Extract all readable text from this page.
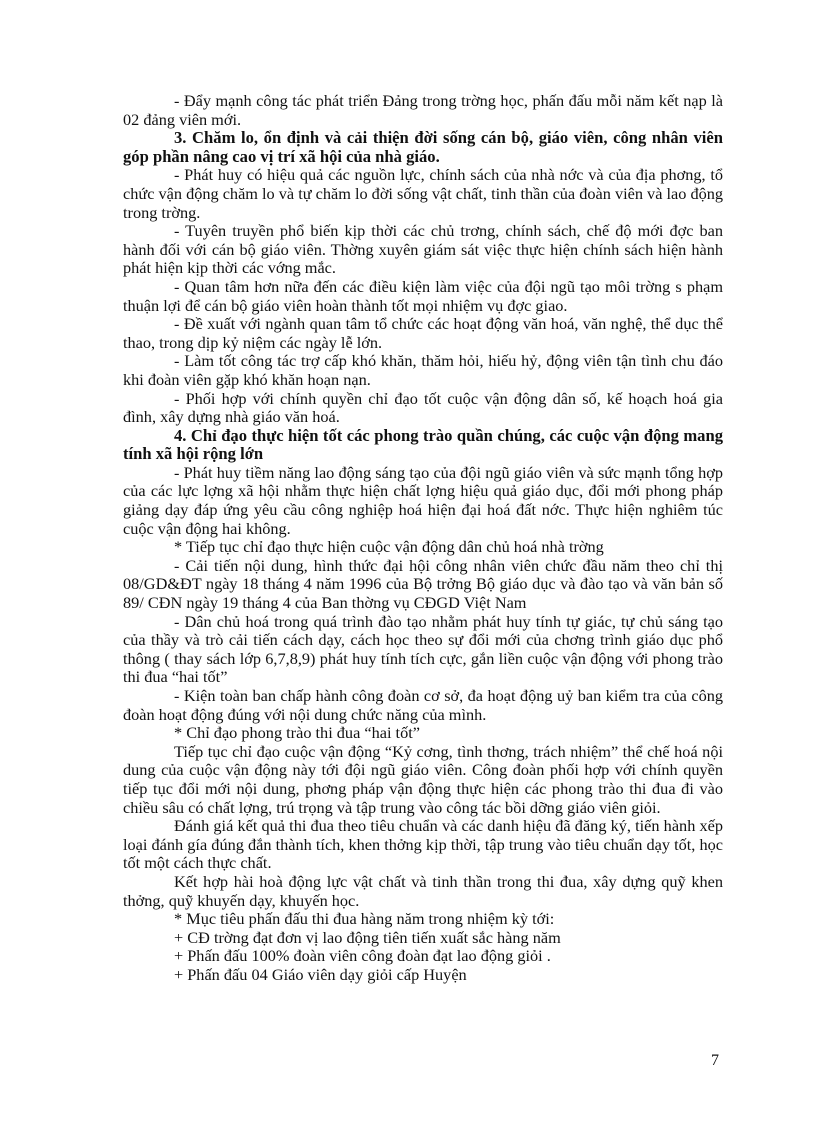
- Đẩy mạnh công tác phát triển Đảng trong trờng học, phấn đấu mỗi năm kết nạp là 02 đảng viên mới.

3. Chăm lo, ổn định và cải thiện đời sống cán bộ, giáo viên, công nhân viên góp phần nâng cao vị trí xã hội của nhà giáo.

- Phát huy có hiệu quả các nguồn lực, chính sách của nhà nớc và của địa phơng, tổ chức vận động chăm lo và tự chăm lo đời sống vật chất, tinh thần của đoàn viên và lao động trong trờng.

- Tuyên truyền phổ biến kịp thời các chủ trơng, chính sách, chế độ mới đợc ban hành đối với cán bộ giáo viên. Thờng xuyên giám sát việc thực hiện chính sách hiện hành phát hiện kịp thời các vớng mắc.

- Quan tâm hơn nữa đến các điều kiện làm việc của đội ngũ tạo môi trờng s phạm thuận lợi để cán bộ giáo viên hoàn thành tốt mọi nhiệm vụ đợc giao.

- Đề xuất với ngành quan tâm tổ chức các hoạt động văn hoá, văn nghệ, thể dục thể thao, trong dịp kỷ niệm các ngày lễ lớn.

- Làm tốt công tác trợ cấp khó khăn, thăm hỏi, hiếu hỷ, động viên tận tình chu đáo khi đoàn viên gặp khó khăn hoạn nạn.

- Phối hợp với chính quyền chỉ đạo tốt cuộc vận động dân số, kế hoạch hoá gia đình, xây dựng nhà giáo văn hoá.

4. Chỉ đạo thực hiện tốt các phong trào quần chúng, các cuộc vận động mang tính xã hội rộng lớn

- Phát huy tiềm năng lao động sáng tạo của đội ngũ giáo viên và sức mạnh tổng hợp của các lực lợng xã hội nhằm thực hiện chất lợng hiệu quả giáo dục, đổi mới phong pháp giảng dạy đáp ứng yêu cầu công nghiệp hoá hiện đại hoá đất nớc. Thực hiện nghiêm túc cuộc vận động hai không.

* Tiếp tục chỉ đạo thực hiện cuộc vận động dân chủ hoá nhà trờng

- Cải tiến nội dung, hình thức đại hội công nhân viên chức đầu năm theo chỉ thị 08/GD&ĐT ngày 18 tháng 4 năm 1996 của Bộ trởng Bộ giáo dục và đào tạo và văn bản số 89/ CĐN ngày 19 tháng 4 của Ban thờng vụ CĐGD Việt Nam

- Dân chủ hoá trong quá trình đào tạo nhằm phát huy tính tự giác, tự chủ sáng tạo của thầy và trò cải tiến cách dạy, cách học theo sự đổi mới của chơng trình giáo dục phổ thông ( thay sách lớp 6,7,8,9) phát huy tính tích cực, gắn liền cuộc vận động với phong trào thi đua “hai tốt”

- Kiện toàn ban chấp hành công đoàn cơ sở, đa hoạt động uỷ ban kiểm tra của công đoàn hoạt động đúng với nội dung chức năng của mình.

* Chỉ đạo phong trào thi đua “hai tốt”

Tiếp tục chỉ đạo cuộc vận động “Kỷ cơng, tình thơng, trách nhiệm” thể chế hoá nội dung của cuộc vận động này tới đội ngũ giáo viên. Công đoàn phối hợp với chính quyền tiếp tục đổi mới nội dung, phơng pháp vận động thực hiện các phong trào thi đua đi vào chiều sâu có chất lợng, trú trọng và tập trung vào công tác bồi dỡng giáo viên giỏi.

Đánh giá kết quả thi đua theo tiêu chuẩn và các danh hiệu đã đăng ký, tiến hành xếp loại đánh gía đúng đắn thành tích, khen thởng kịp thời, tập trung vào tiêu chuẩn dạy tốt, học tốt một cách thực chất.

Kết hợp hài hoà động lực vật chất và tinh thần trong thi đua, xây dựng quỹ khen thởng, quỹ khuyến dạy, khuyến học.

* Mục tiêu phấn đấu thi đua hàng năm trong nhiệm kỳ tới:

+ CĐ trờng đạt đơn vị lao động tiên tiến xuất sắc hàng năm

+ Phấn đấu 100% đoàn viên công đoàn đạt lao động giỏi .

+ Phấn đấu 04 Giáo viên dạy giỏi cấp Huyện

7
